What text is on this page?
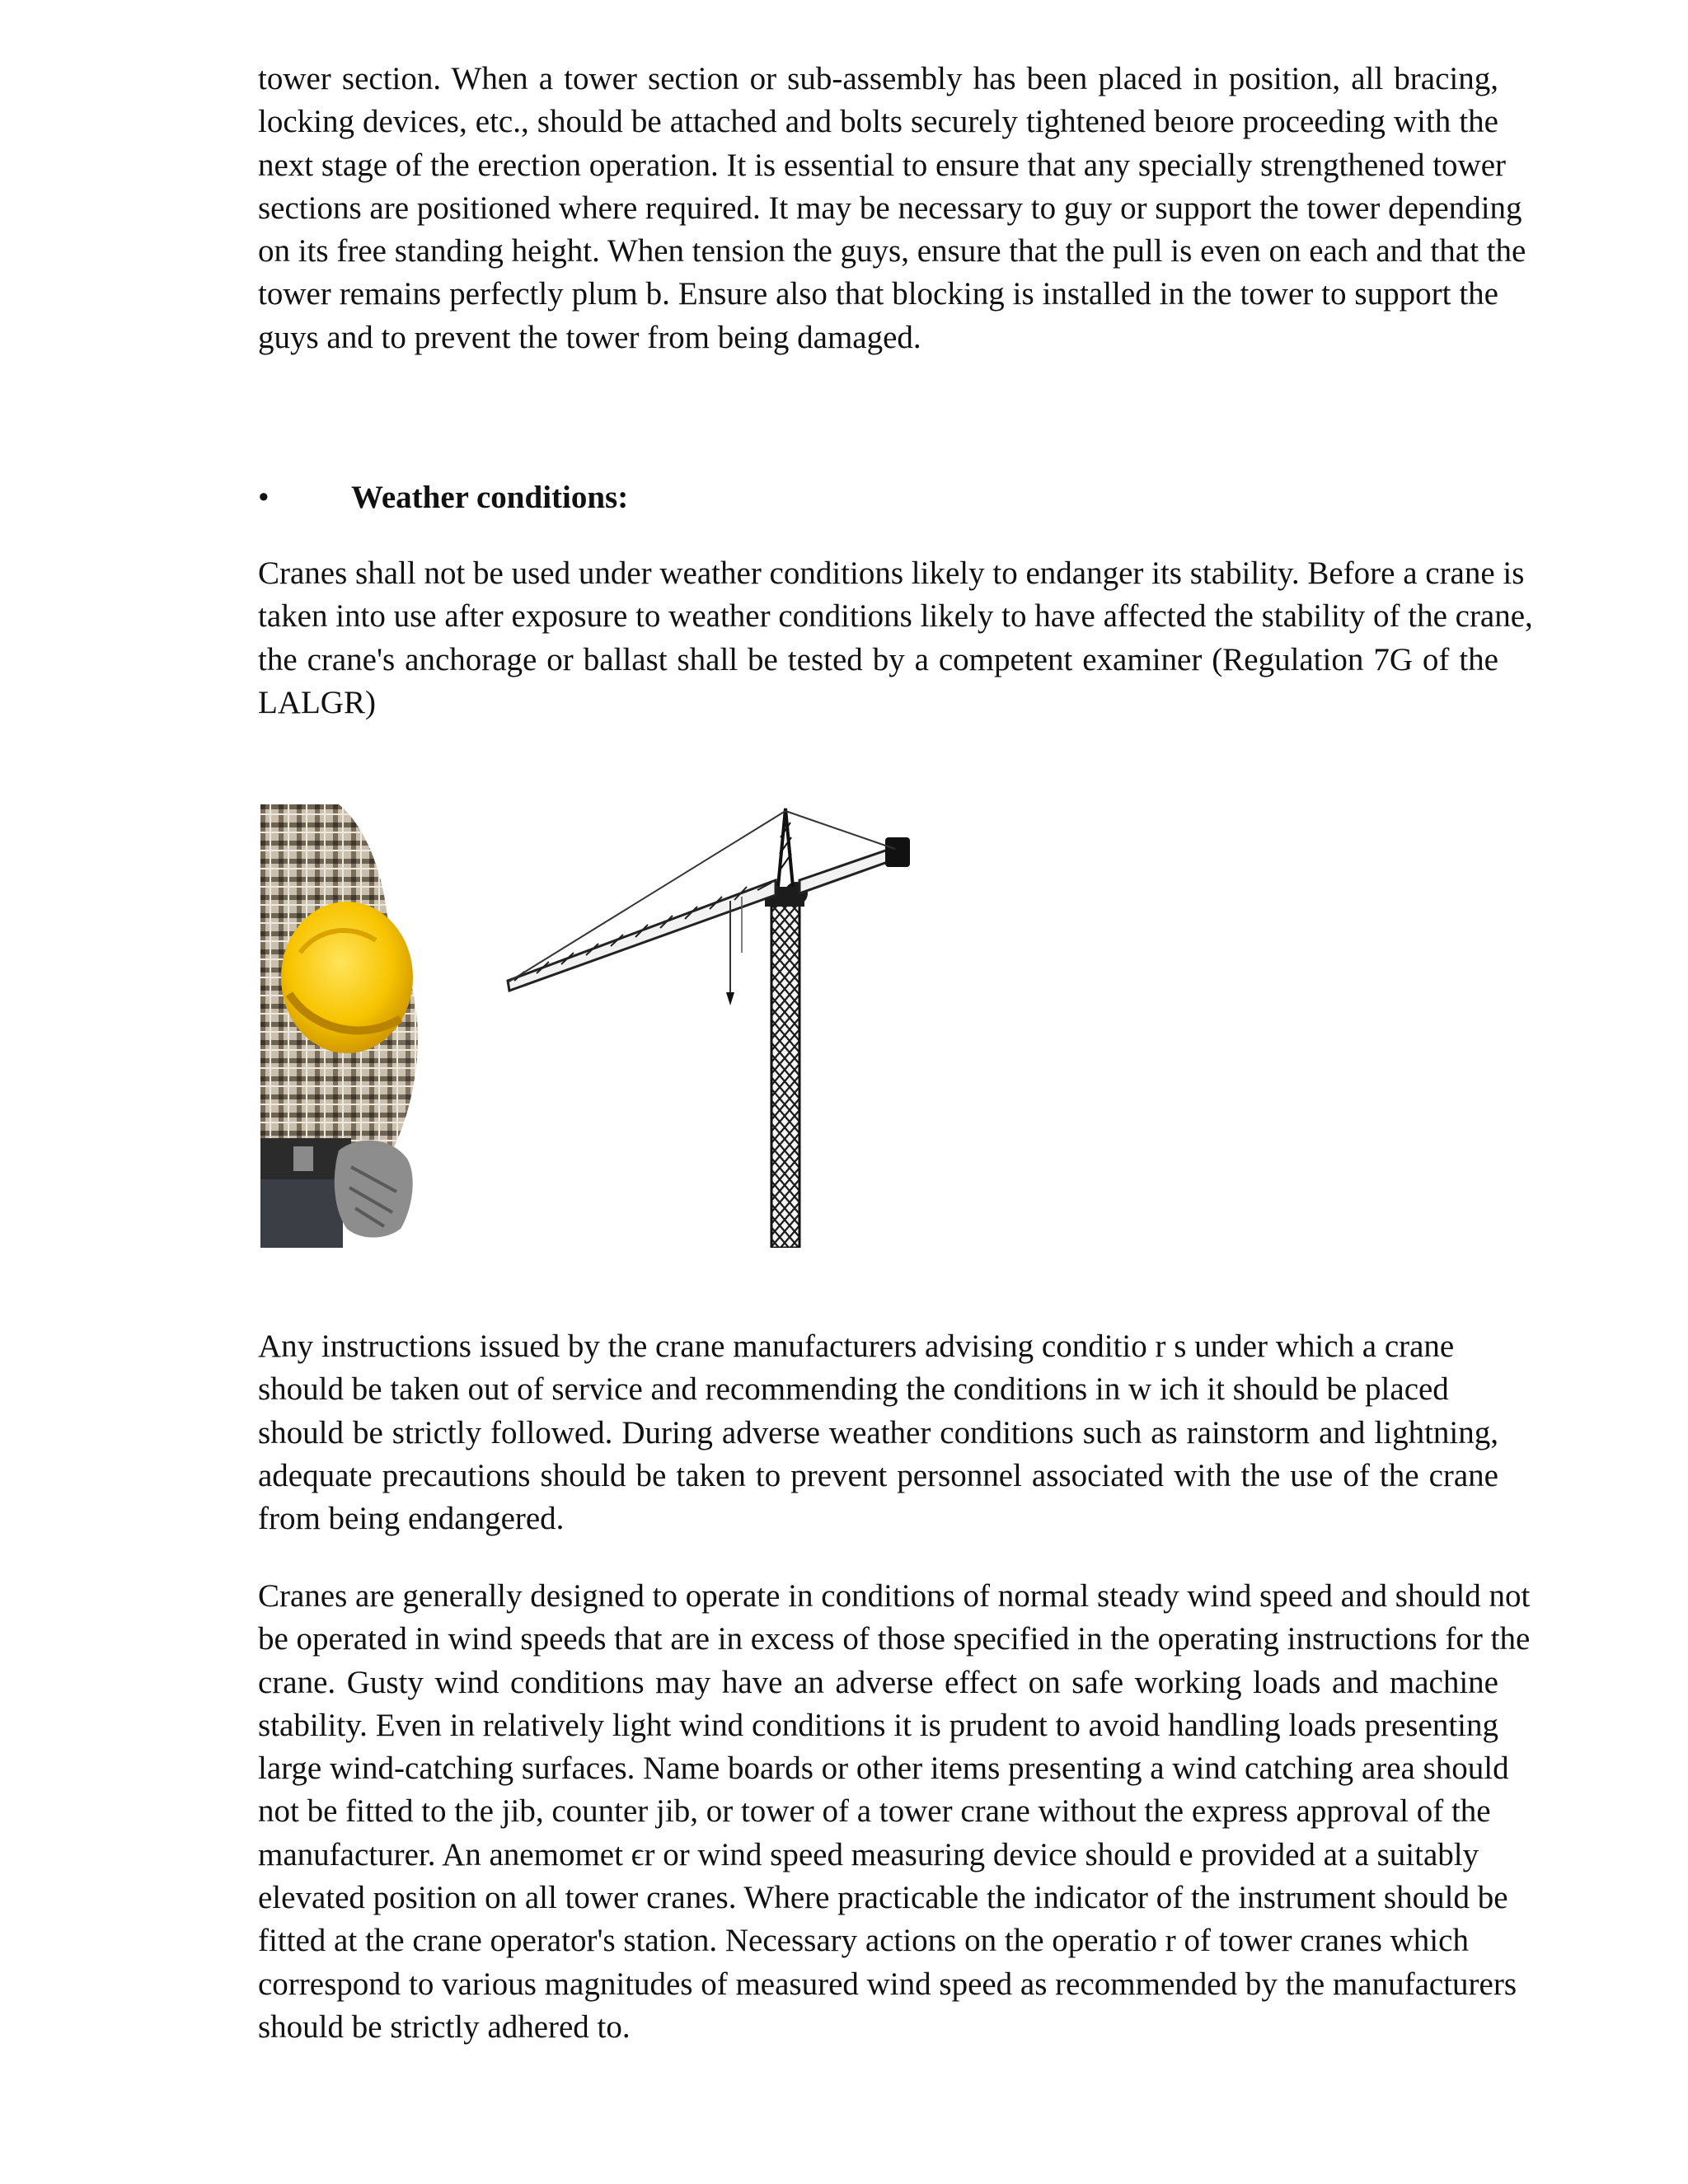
tower section. When a tower section or sub-assembly has been placed in position, all bracing,
locking devices, etc., should be attached and bolts securely tightened beıore proceeding with the
next stage of the erection operation. It is essential to ensure that any specially strengthened tower
sections are positioned where required. It may be necessary to guy or support the tower depending
on its free standing height. When tension the guys, ensure that the pull is even on each and that the
tower remains perfectly plum b. Ensure also that blocking is installed in the tower to support the
guys and to prevent the tower from being damaged.
•	Weather conditions:
Cranes shall not be used under weather conditions likely to endanger its stability. Before a crane is
taken into use after exposure to weather conditions likely to have affected the stability of the crane,
the crane's anchorage or ballast shall be tested by a competent examiner (Regulation 7G of the
LALGR)
Any instructions issued by the crane manufacturers advising conditio r s under which a crane
should be taken out of service and recommending the conditions in w ich it should be placed
should be strictly followed. During adverse weather conditions such as rainstorm and lightning,
adequate precautions should be taken to prevent personnel associated with the use of the crane
from being endangered.
Cranes are generally designed to operate in conditions of normal steady wind speed and should not
be operated in wind speeds that are in excess of those specified in the operating instructions for the
crane. Gusty wind conditions may have an adverse effect on safe working loads and machine
stability. Even in relatively light wind conditions it is prudent to avoid handling loads presenting
large wind-catching surfaces. Name boards or other items presenting a wind catching area should
not be fitted to the jib, counter jib, or tower of a tower crane without the express approval of the
manufacturer. An anemomet ϵr or wind speed measuring device should e provided at a suitably
elevated position on all tower cranes. Where practicable the indicator of the instrument should be
fitted at the crane operator's station. Necessary actions on the operatio r of tower cranes which
correspond to various magnitudes of measured wind speed as recommended by the manufacturers
should be strictly adhered to.
